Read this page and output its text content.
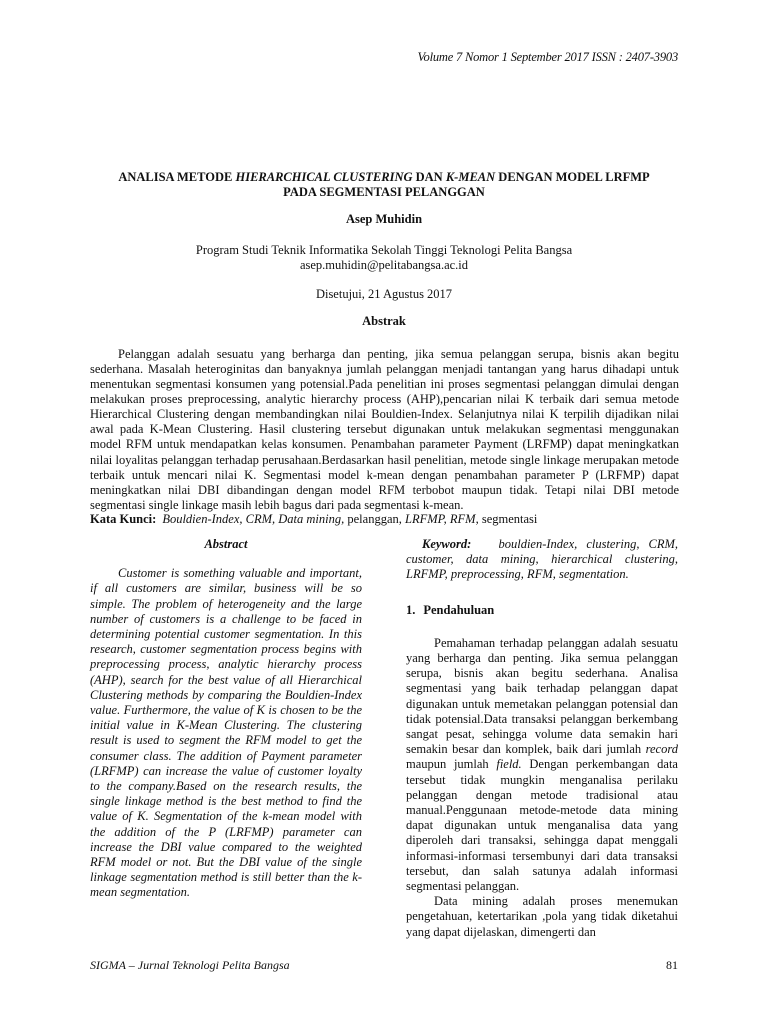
Volume 7 Nomor 1 September 2017 ISSN : 2407-3903
ANALISA METODE HIERARCHICAL CLUSTERING DAN K-MEAN DENGAN MODEL LRFMP
PADA SEGMENTASI PELANGGAN
Asep Muhidin
Program Studi Teknik Informatika Sekolah Tinggi Teknologi Pelita Bangsa
asep.muhidin@pelitabangsa.ac.id
Disetujui, 21 Agustus 2017
Abstrak

Pelanggan adalah sesuatu yang berharga dan penting, jika semua pelanggan serupa, bisnis akan begitu sederhana. Masalah heteroginitas dan banyaknya jumlah pelanggan menjadi tantangan yang harus dihadapi untuk menentukan segmentasi konsumen yang potensial.Pada penelitian ini proses segmentasi pelanggan dimulai dengan melakukan proses preprocessing, analytic hierarchy process (AHP),pencarian nilai K terbaik dari semua metode Hierarchical Clustering dengan membandingkan nilai Bouldien-Index. Selanjutnya nilai K terpilih dijadikan nilai awal pada K-Mean Clustering. Hasil clustering tersebut digunakan untuk melakukan segmentasi menggunakan model RFM untuk mendapatkan kelas konsumen. Penambahan parameter Payment (LRFMP) dapat meningkatkan nilai loyalitas pelanggan terhadap perusahaan.Berdasarkan hasil penelitian, metode single linkage merupakan metode terbaik untuk mencari nilai K. Segmentasi model k-mean dengan penambahan parameter P (LRFMP) dapat meningkatkan nilai DBI dibandingan dengan model RFM terbobot maupun tidak. Tetapi nilai DBI metode segmentasi single linkage masih lebih bagus dari pada segmentasi k-mean.

Kata Kunci: Bouldien-Index, CRM, Data mining, pelanggan, LRFMP, RFM, segmentasi
Abstract

Customer is something valuable and important, if all customers are similar, business will be so simple. The problem of heterogeneity and the large number of customers is a challenge to be faced in determining potential customer segmentation. In this research, customer segmentation process begins with preprocessing process, analytic hierarchy process (AHP), search for the best value of all Hierarchical Clustering methods by comparing the Bouldien-Index value. Furthermore, the value of K is chosen to be the initial value in K-Mean Clustering. The clustering result is used to segment the RFM model to get the consumer class. The addition of Payment parameter (LRFMP) can increase the value of customer loyalty to the company.Based on the research results, the single linkage method is the best method to find the value of K. Segmentation of the k-mean model with the addition of the P (LRFMP) parameter can increase the DBI value compared to the weighted RFM model or not. But the DBI value of the single linkage segmentation method is still better than the k-mean segmentation.

Keyword: bouldien-Index, clustering, CRM, customer, data mining, hierarchical clustering, LRFMP, preprocessing, RFM, segmentation.

1. Pendahuluan

Pemahaman terhadap pelanggan adalah sesuatu yang berharga dan penting. Jika semua pelanggan serupa, bisnis akan begitu sederhana. Analisa segmentasi yang baik terhadap pelanggan dapat digunakan untuk memetakan pelanggan potensial dan tidak potensial.Data transaksi pelanggan berkembang sangat pesat, sehingga volume data semakin hari semakin besar dan komplek, baik dari jumlah record maupun jumlah field. Dengan perkembangan data tersebut tidak mungkin menganalisa perilaku pelanggan dengan metode tradisional atau manual.Penggunaan metode-metode data mining dapat digunakan untuk menganalisa data yang diperoleh dari transaksi, sehingga dapat menggali informasi-informasi tersembunyi dari data transaksi tersebut, dan salah satunya adalah informasi segmentasi pelanggan.

Data mining adalah proses menemukan pengetahuan, ketertarikan ,pola yang tidak diketahui yang dapat dijelaskan, dimengerti dan

SIGMA – Jurnal Teknologi Pelita Bangsa	81
